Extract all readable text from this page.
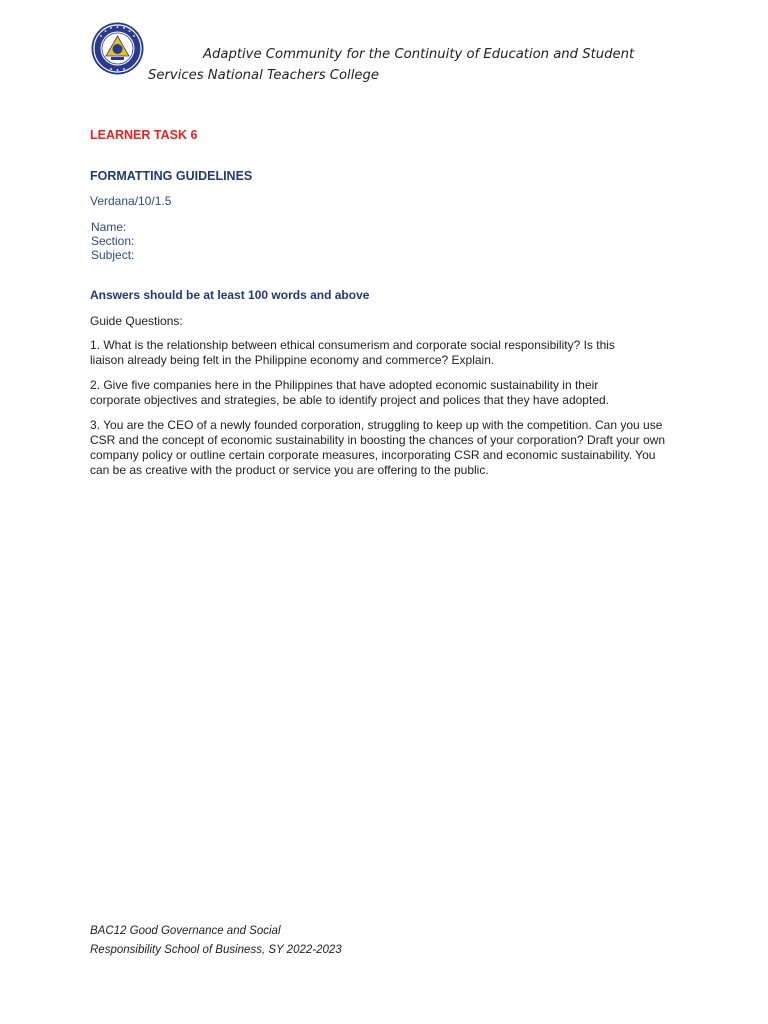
Adaptive Community for the Continuity of Education and Student
Services National Teachers College
LEARNER TASK 6
FORMATTING GUIDELINES
Verdana/10/1.5
Name:
Section:
Subject:
Answers should be at least 100 words and above
Guide Questions:
1. What is the relationship between ethical consumerism and corporate social responsibility? Is this
liaison already being felt in the Philippine economy and commerce? Explain.
2. Give five companies here in the Philippines that have adopted economic sustainability in their
corporate objectives and strategies, be able to identify project and polices that they have adopted.
3. You are the CEO of a newly founded corporation, struggling to keep up with the competition. Can you use
CSR and the concept of economic sustainability in boosting the chances of your corporation? Draft your own
company policy or outline certain corporate measures, incorporating CSR and economic sustainability. You
can be as creative with the product or service you are offering to the public.
BAC12 Good Governance and Social
Responsibility School of Business, SY 2022-2023
